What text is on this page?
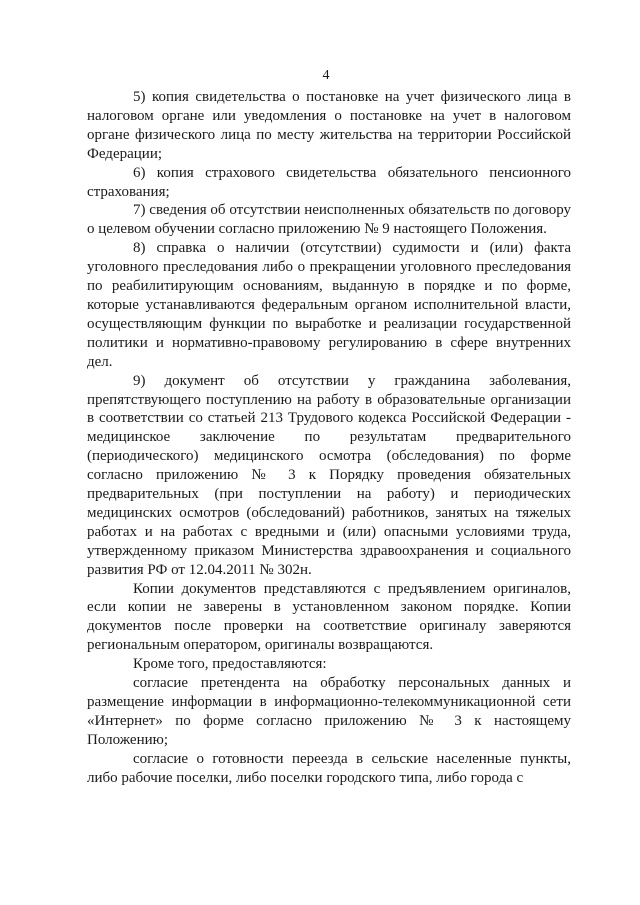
4

5) копия свидетельства о постановке на учет физического лица в налоговом органе или уведомления о постановке на учет в налоговом органе физического лица по месту жительства на территории Российской Федерации;

6) копия страхового свидетельства обязательного пенсионного страхования;

7) сведения об отсутствии неисполненных обязательств по договору о целевом обучении согласно приложению № 9 настоящего Положения.

8) справка о наличии (отсутствии) судимости и (или) факта уголовного преследования либо о прекращении уголовного преследования по реабилитирующим основаниям, выданную в порядке и по форме, которые устанавливаются федеральным органом исполнительной власти, осуществляющим функции по выработке и реализации государственной политики и нормативно-правовому регулированию в сфере внутренних дел.

9) документ об отсутствии у гражданина заболевания, препятствующего поступлению на работу в образовательные организации в соответствии со статьей 213 Трудового кодекса Российской Федерации - медицинское заключение по результатам предварительного (периодического) медицинского осмотра (обследования) по форме согласно приложению № 3 к Порядку проведения обязательных предварительных (при поступлении на работу) и периодических медицинских осмотров (обследований) работников, занятых на тяжелых работах и на работах с вредными и (или) опасными условиями труда, утвержденному приказом Министерства здравоохранения и социального развития РФ от 12.04.2011 № 302н.

Копии документов представляются с предъявлением оригиналов, если копии не заверены в установленном законом порядке. Копии документов после проверки на соответствие оригиналу заверяются региональным оператором, оригиналы возвращаются.

Кроме того, предоставляются:

согласие претендента на обработку персональных данных и размещение информации в информационно-телекоммуникационной сети «Интернет» по форме согласно приложению № 3 к настоящему Положению;

согласие о готовности переезда в сельские населенные пункты, либо рабочие поселки, либо поселки городского типа, либо города с
